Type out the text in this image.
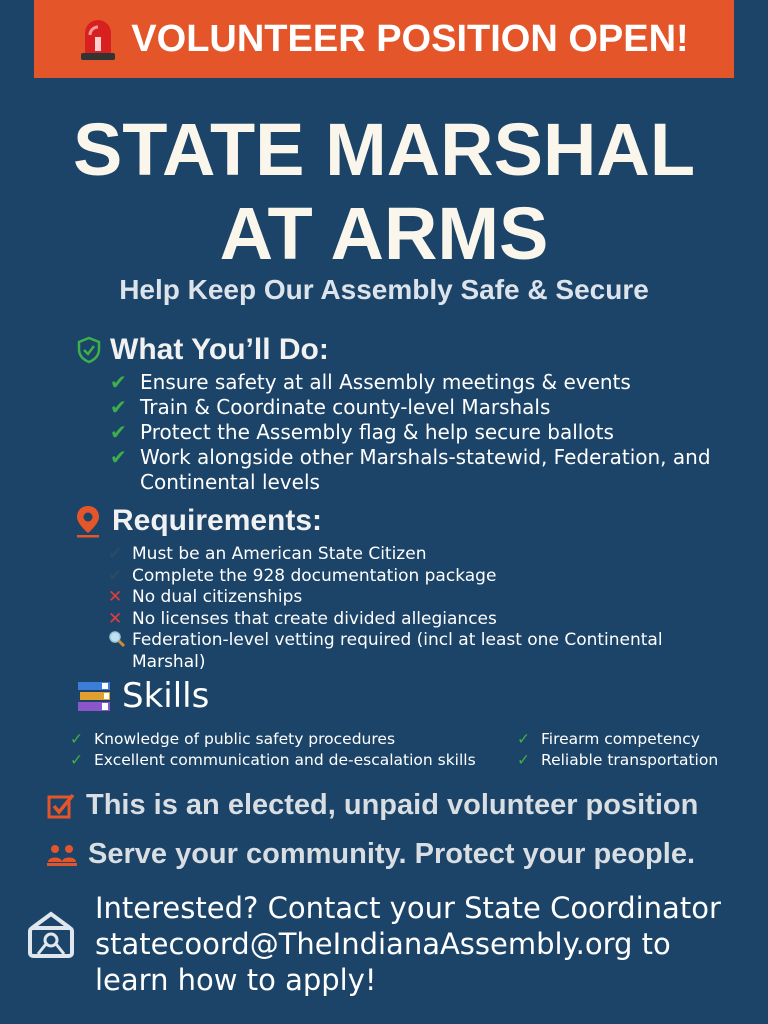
VOLUNTEER POSITION OPEN!
STATE MARSHAL
AT ARMS
Help Keep Our Assembly Safe & Secure
What You’ll Do:
✔ Ensure safety at all Assembly meetings & events
✔ Train & Coordinate county-level Marshals
✔ Protect the Assembly flag & help secure ballots
✔ Work alongside other Marshals-statewid, Federation, and Continental levels
Requirements:
✔ Must be an American State Citizen
✔ Complete the 928 documentation package
✕ No dual citizenships
✕ No licenses that create divided allegiances
Federation-level vetting required (incl at least one Continental Marshal)
Skills
✓ Knowledge of public safety procedures
✓ Excellent communication and de-escalation skills
✓ Firearm competency
✓ Reliable transportation
This is an elected, unpaid volunteer position
Serve your community. Protect your people.
Interested? Contact your State Coordinator
statecoord@TheIndianaAssembly.org to
learn how to apply!
